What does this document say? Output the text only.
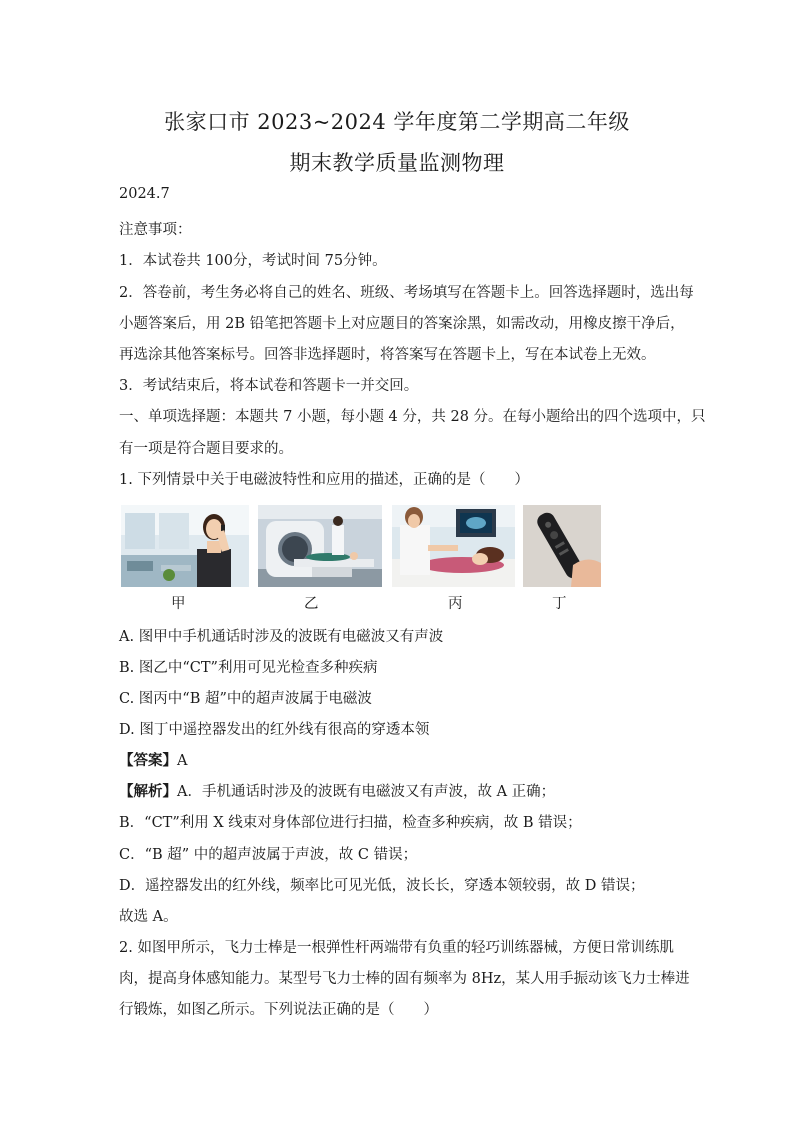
张家口市 2023~2024 学年度第二学期高二年级
期末教学质量监测物理
2024.7
注意事项：
1．本试卷共 100分，考试时间 75分钟。
2．答卷前，考生务必将自己的姓名、班级、考场填写在答题卡上。回答选择题时，选出每
小题答案后，用 2B 铅笔把答题卡上对应题目的答案涂黑，如需改动，用橡皮擦干净后，
再选涂其他答案标号。回答非选择题时，将答案写在答题卡上，写在本试卷上无效。
3．考试结束后，将本试卷和答题卡一并交回。
一、单项选择题：本题共 7 小题，每小题 4 分，共 28 分。在每小题给出的四个选项中，只
有一项是符合题目要求的。
1. 下列情景中关于电磁波特性和应用的描述，正确的是（　　）
甲	乙	丙	丁
A. 图甲中手机通话时涉及的波既有电磁波又有声波
B. 图乙中“CT”利用可见光检查多种疾病
C. 图丙中“B 超”中的超声波属于电磁波
D. 图丁中遥控器发出的红外线有很高的穿透本领
【答案】A
【解析】A．手机通话时涉及的波既有电磁波又有声波，故 A 正确；
B．“CT”利用 X 线束对身体部位进行扫描，检查多种疾病，故 B 错误；
C．“B 超” 中的超声波属于声波，故 C 错误；
D．遥控器发出的红外线，频率比可见光低，波长长，穿透本领较弱，故 D 错误；
故选 A。
2. 如图甲所示，飞力士棒是一根弹性杆两端带有负重的轻巧训练器械，方便日常训练肌
肉，提高身体感知能力。某型号飞力士棒的固有频率为 8Hz，某人用手振动该飞力士棒进
行锻炼，如图乙所示。下列说法正确的是（　　）
